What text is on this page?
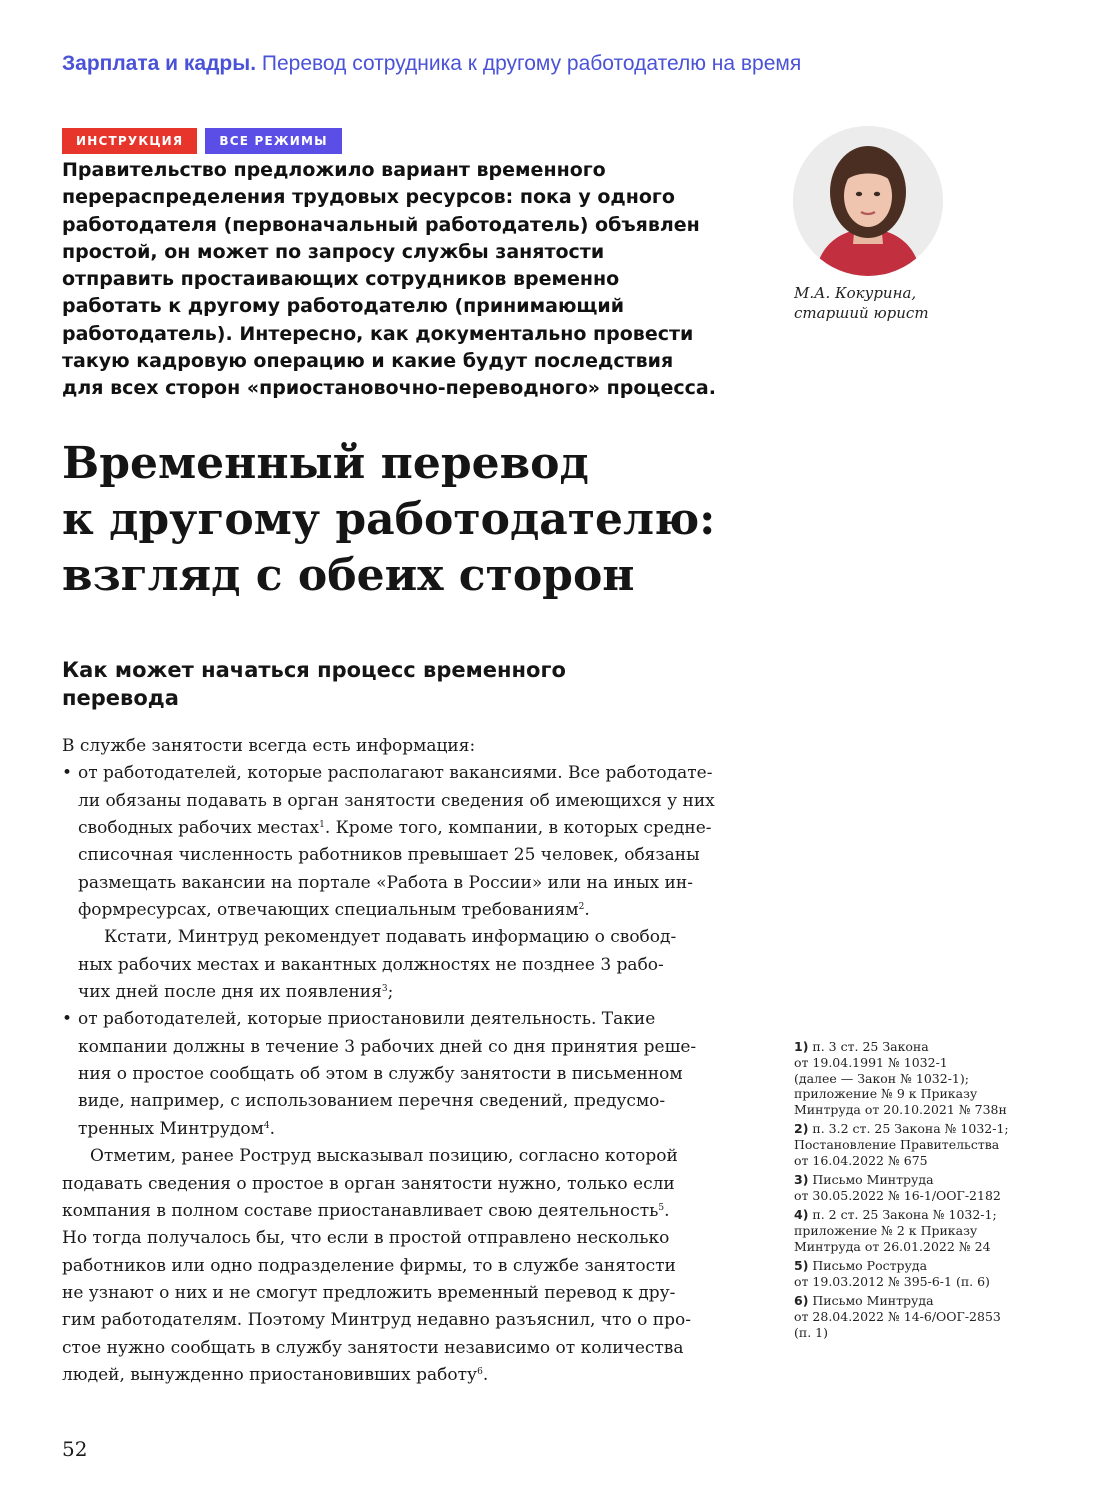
Зарплата и кадры. Перевод сотрудника к другому работодателю на время
ИНСТРУКЦИЯ	ВСЕ РЕЖИМЫ
Правительство предложило вариант временного
перераспределения трудовых ресурсов: пока у одного
работодателя (первоначальный работодатель) объявлен
простой, он может по запросу службы занятости
отправить простаивающих сотрудников временно
работать к другому работодателю (принимающий
работодатель). Интересно, как документально провести
такую кадровую операцию и какие будут последствия
для всех сторон «приостановочно-переводного» процесса.
М.А. Кокурина,
старший юрист
Временный перевод
к другому работодателю:
взгляд с обеих сторон
Как может начаться процесс временного
перевода
В службе занятости всегда есть информация:
• от работодателей, которые располагают вакансиями. Все работодате-
ли обязаны подавать в орган занятости сведения об имеющихся у них
свободных рабочих местах$^1$. Кроме того, компании, в которых средне-
списочная численность работников превышает 25 человек, обязаны
размещать вакансии на портале «Работа в России» или на иных ин-
формресурсах, отвечающих специальным требованиям$^2$.
Кстати, Минтруд рекомендует подавать информацию о свобод-
ных рабочих местах и вакантных должностях не позднее 3 рабо-
чих дней после дня их появления$^3$;
• от работодателей, которые приостановили деятельность. Такие
компании должны в течение 3 рабочих дней со дня принятия реше-
ния о простое сообщать об этом в службу занятости в письменном
виде, например, с использованием перечня сведений, предусмо-
тренных Минтрудом$^4$.
Отметим, ранее Роструд высказывал позицию, согласно которой
подавать сведения о простое в орган занятости нужно, только если
компания в полном составе приостанавливает свою деятельность$^5$.
Но тогда получалось бы, что если в простой отправлено несколько
работников или одно подразделение фирмы, то в службе занятости
не узнают о них и не смогут предложить временный перевод к дру-
гим работодателям. Поэтому Минтруд недавно разъяснил, что о про-
стое нужно сообщать в службу занятости независимо от количества
людей, вынужденно приостановивших работу$^6$.
1) п. 3 ст. 25 Закона
от 19.04.1991 № 1032-1
(далее — Закон № 1032-1);
приложение № 9 к Приказу
Минтруда от 20.10.2021 № 738н
2) п. 3.2 ст. 25 Закона № 1032-1;
Постановление Правительства
от 16.04.2022 № 675
3) Письмо Минтруда
от 30.05.2022 № 16-1/ООГ-2182
4) п. 2 ст. 25 Закона № 1032-1;
приложение № 2 к Приказу
Минтруда от 26.01.2022 № 24
5) Письмо Роструда
от 19.03.2012 № 395-6-1 (п. 6)
6) Письмо Минтруда
от 28.04.2022 № 14-6/ООГ-2853
(п. 1)
52
